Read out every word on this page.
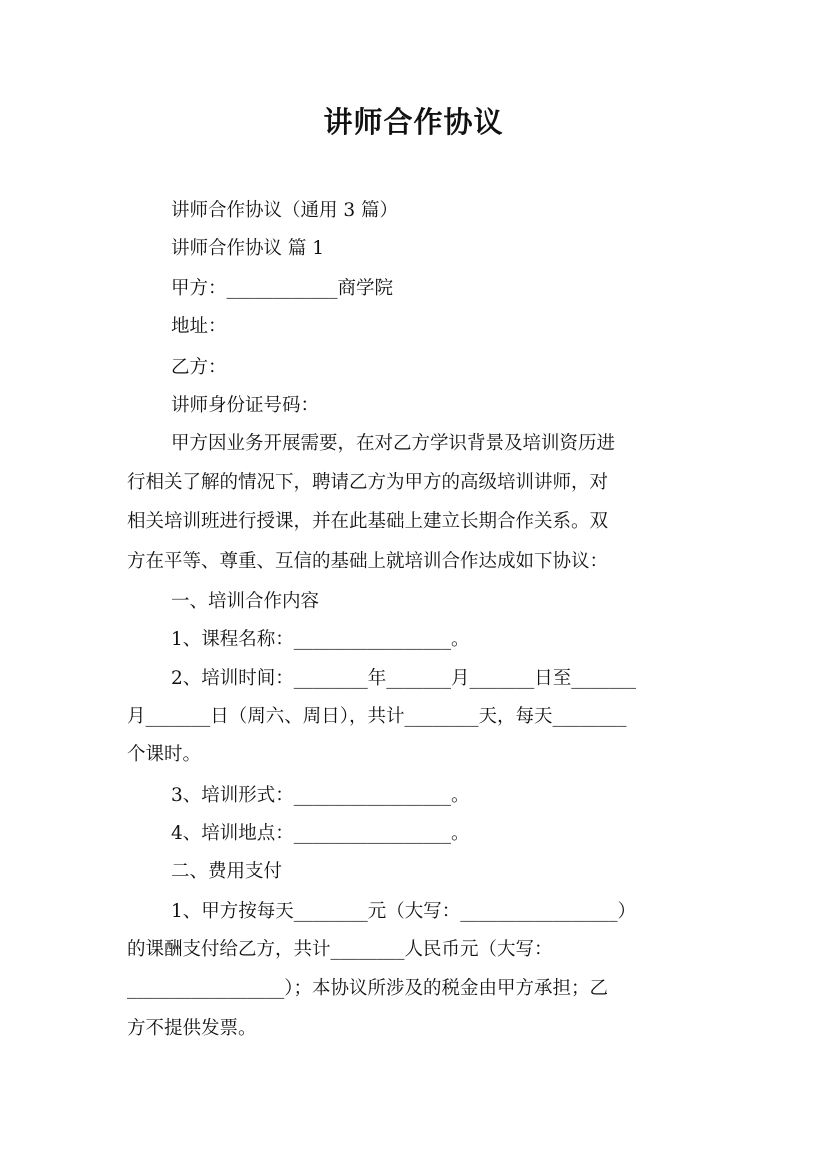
讲师合作协议
讲师合作协议（通用 3 篇）
讲师合作协议 篇 1
甲方：____________商学院
地址：
乙方：
讲师身份证号码：
甲方因业务开展需要，在对乙方学识背景及培训资历进
行相关了解的情况下，聘请乙方为甲方的高级培训讲师，对
相关培训班进行授课，并在此基础上建立长期合作关系。双
方在平等、尊重、互信的基础上就培训合作达成如下协议：
一、培训合作内容
1、课程名称：_________________。
2、培训时间：________年_______月_______日至_______
月_______日（周六、周日），共计________天，每天________
个课时。
3、培训形式：_________________。
4、培训地点：_________________。
二、费用支付
1、甲方按每天________元（大写：_________________）
的课酬支付给乙方，共计________人民币元（大写：
_________________）；本协议所涉及的税金由甲方承担；乙
方不提供发票。
